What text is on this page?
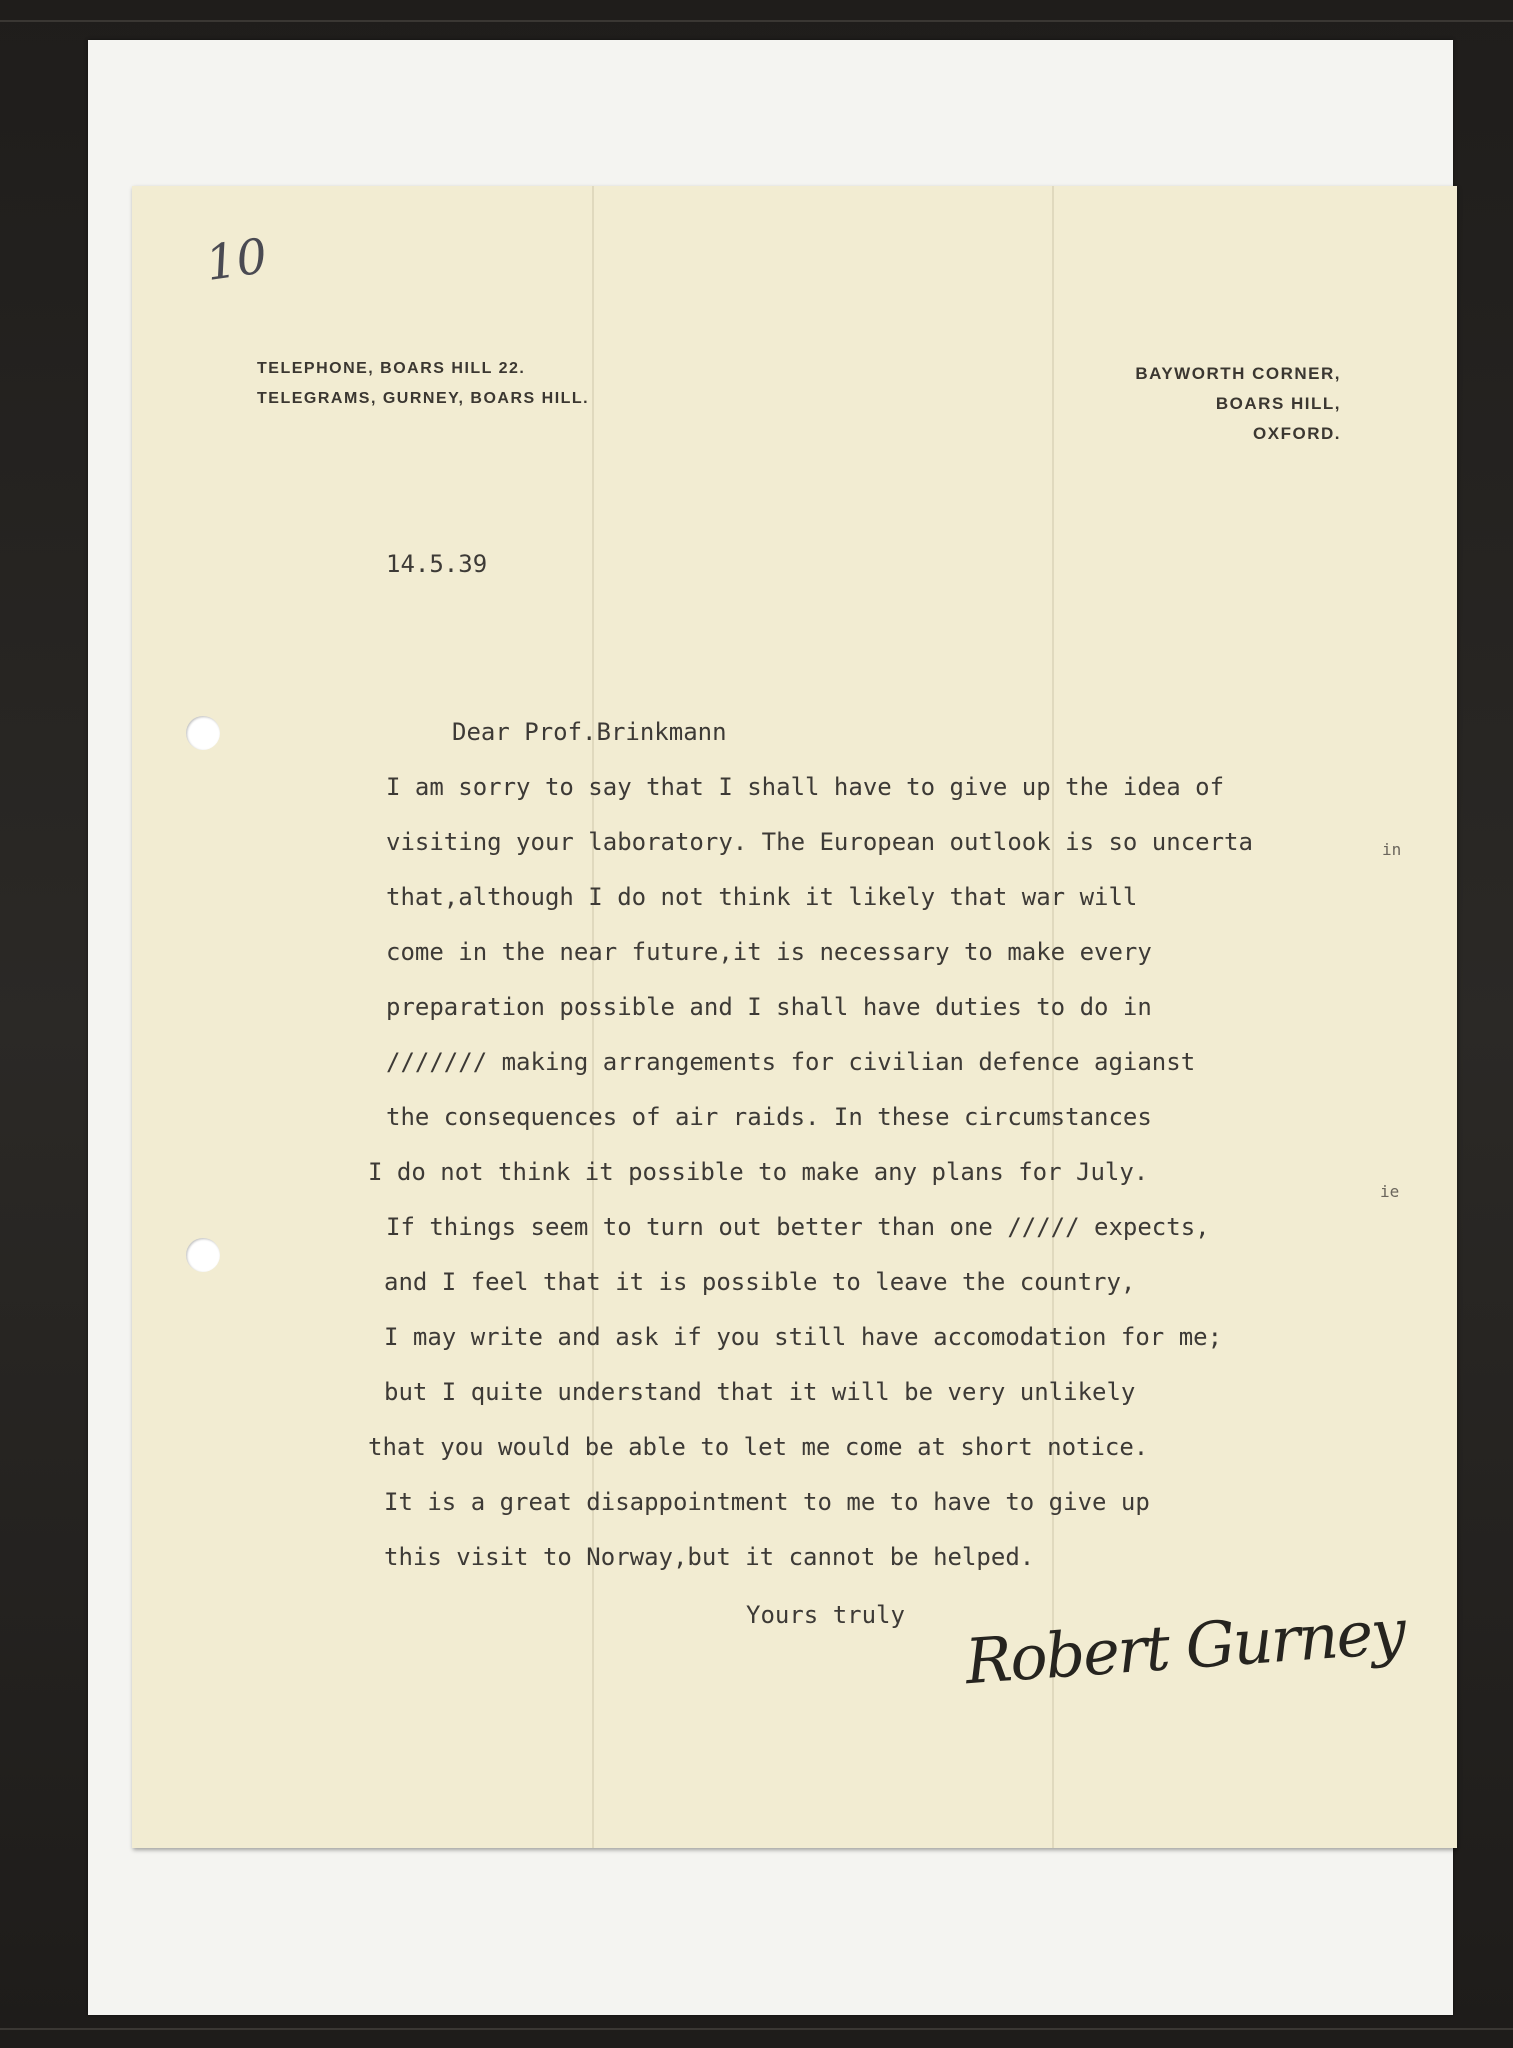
10
TELEPHONE, BOARS HILL 22.
TELEGRAMS, GURNEY, BOARS HILL.
BAYWORTH CORNER,
BOARS HILL,
OXFORD.
14.5.39
Dear Prof.Brinkmann
I am sorry to say that I shall have to give up the idea of
visiting your laboratory. The European outlook is so uncerta
that,although I do not think it likely that war will
come in the near future,it is necessary to make every
preparation possible and I shall have duties to do in
/////// making arrangements for civilian defence agianst
the consequences of air raids. In these circumstances
I do not think it possible to make any plans for July.
If things seem to turn out better than one ///// expects,
and I feel that it is possible to leave the country,
I may write and ask if you still have accomodation for me;
but I quite understand that it will be very unlikely
that you would be able to let me come at short notice.
It is a great disappointment to me to have to give up
this visit to Norway,but it cannot be helped.
Yours truly Robert Gurney
in
ie
